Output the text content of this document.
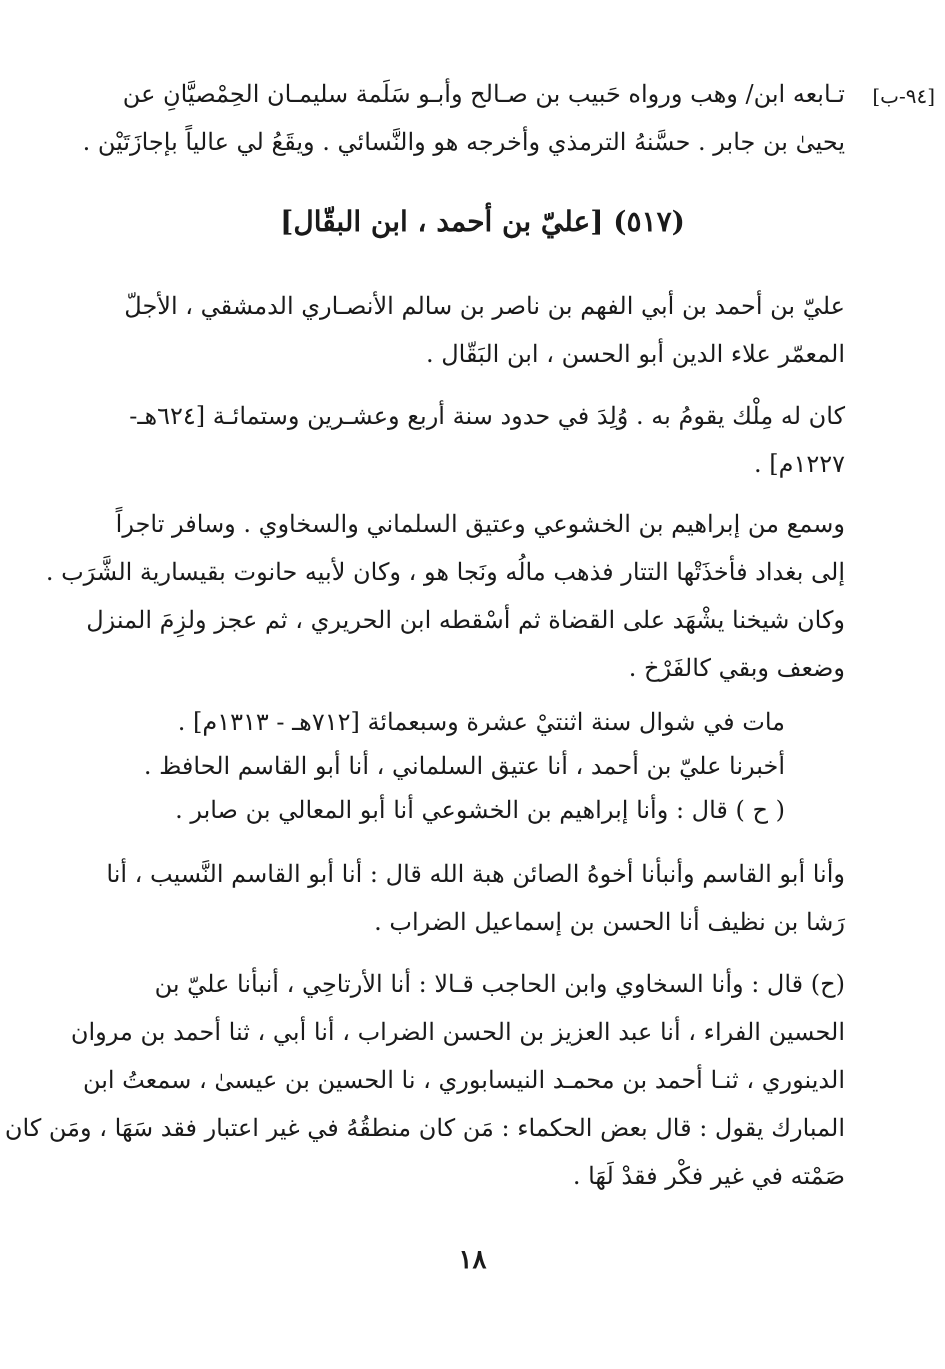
[٩٤-ب]
تـابعه ابن/ وهب ورواه حَبيب بن صـالح وأبـو سَلَمة سليمـان الحِمْصيَّانِ عن
يحيىٰ بن جابر . حسَّنهُ الترمذي وأخرجه هو والنَّسائي . ويقَعُ لي عالياً بإجازَتَيْن .
(٥١٧) [عليّ بن أحمد ، ابن البقّال]
عليّ بن أحمد بن أبي الفهم بن ناصر بن سالم الأنصـاري الدمشقي ، الأجلّ
المعمّر علاء الدين أبو الحسن ، ابن البَقّال .
كان له مِلْك يقومُ به . وُلِدَ في حدود سنة أربع وعشـرين وستمائـة [٦٢٤هـ-
١٢٢٧م] .
وسمع من إبراهيم بن الخشوعي وعتيق السلماني والسخاوي . وسافر تاجراً
إلى بغداد فأخذَتْها التتار فذهب مالُه ونَجا هو ، وكان لأبيه حانوت بقيسارية الشَّرَب .
وكان شيخنا يشْهَد على القضاة ثم أسْقطه ابن الحريري ، ثم عجز ولزِمَ المنزل
وضعف وبقي كالفَرْخ .
مات في شوال سنة اثنتيْ عشرة وسبعمائة [٧١٢هـ - ١٣١٣م] .
أخبرنا عليّ بن أحمد ، أنا عتيق السلماني ، أنا أبو القاسم الحافظ .
( ح ) قال : وأنا إبراهيم بن الخشوعي أنا أبو المعالي بن صابر .
وأنا أبو القاسم وأنبأنا أخوهُ الصائن هبة الله قال : أنا أبو القاسم النَّسيب ، أنا
رَشا بن نظيف أنا الحسن بن إسماعيل الضراب .
(ح) قال : وأنا السخاوي وابن الحاجب قـالا : أنا الأرتاحِي ، أنبأنا عليّ بن
الحسين الفراء ، أنا عبد العزيز بن الحسن الضراب ، أنا أبي ، ثنا أحمد بن مروان
الدينوري ، ثنـا أحمد بن محمـد النيسابوري ، نا الحسين بن عيسىٰ ، سمعتُ ابن
المبارك يقول : قال بعض الحكماء : مَن كان منطقُهُ في غير اعتبار فقد سَهَا ، ومَن كان
صَمْته في غير فكْر فقدْ لَهَا .
١٨
